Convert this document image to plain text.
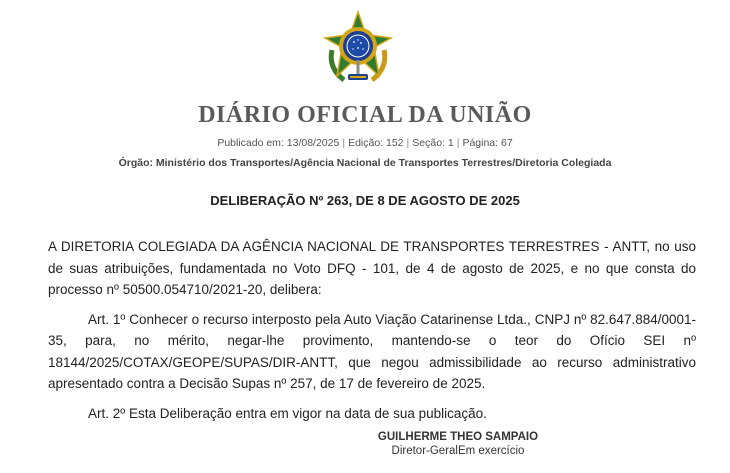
DIÁRIO OFICIAL DA UNIÃO
Publicado em: 13/08/2025 | Edição: 152 | Seção: 1 | Página: 67
Órgão: Ministério dos Transportes/Agência Nacional de Transportes Terrestres/Diretoria Colegiada
DELIBERAÇÃO Nº 263, DE 8 DE AGOSTO DE 2025

A DIRETORIA COLEGIADA DA AGÊNCIA NACIONAL DE TRANSPORTES TERRESTRES - ANTT, no uso de suas atribuições, fundamentada no Voto DFQ - 101, de 4 de agosto de 2025, e no que consta do processo nº 50500.054710/2021-20, delibera:

Art. 1º Conhecer o recurso interposto pela Auto Viação Catarinense Ltda., CNPJ nº 82.647.884/0001-35, para, no mérito, negar-lhe provimento, mantendo-se o teor do Ofício SEI nº 18144/2025/COTAX/GEOPE/SUPAS/DIR-ANTT, que negou admissibilidade ao recurso administrativo apresentado contra a Decisão Supas nº 257, de 17 de fevereiro de 2025.

Art. 2º Esta Deliberação entra em vigor na data de sua publicação.

GUILHERME THEO SAMPAIO
Diretor-GeralEm exercício
